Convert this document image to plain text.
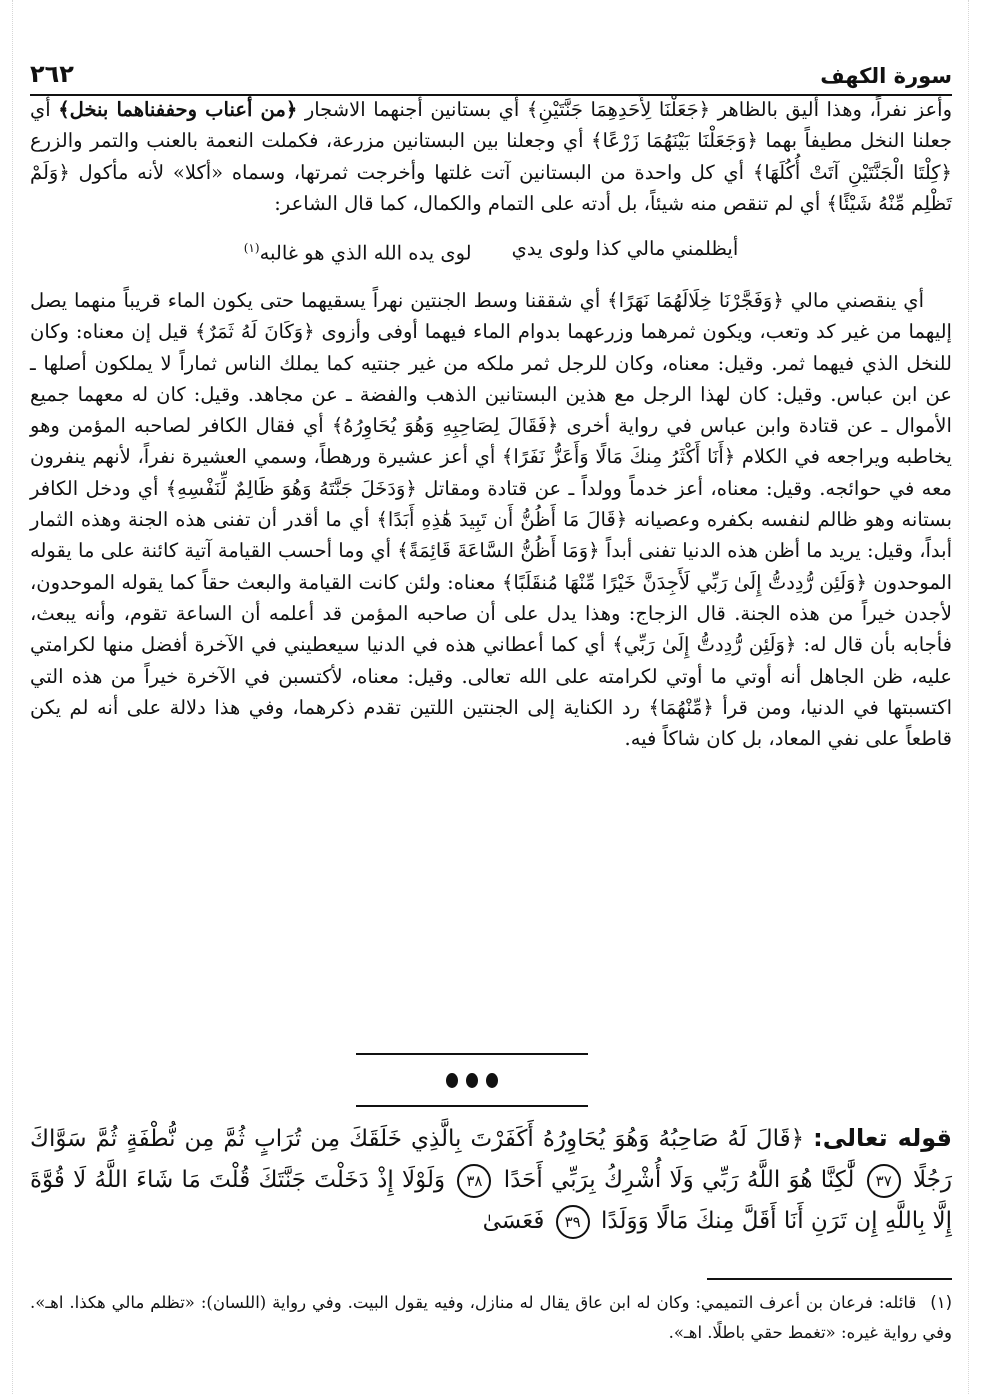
سورة الكهف
٢٦٢

وأعز نفراً، وهذا أليق بالظاهر ﴿جَعَلْنَا لِأَحَدِهِمَا جَنَّتَيْنِ﴾ أي بستانين أجنهما الاشجار ﴿من أعناب وحففناهما بنخل﴾ أي جعلنا النخل مطيفاً بهما ﴿وَجَعَلْنَا بَيْنَهُمَا زَرْعًا﴾ أي وجعلنا بين البستانين مزرعة، فكملت النعمة بالعنب والتمر والزرع ﴿كِلْتَا الْجَنَّتَيْنِ آتَتْ أُكُلَهَا﴾ أي كل واحدة من البستانين آتت غلتها وأخرجت ثمرتها، وسماه «أكلا» لأنه مأكول ﴿وَلَمْ تَظْلِم مِّنْهُ شَيْئًا﴾ أي لم تنقص منه شيئاً، بل أدته على التمام والكمال، كما قال الشاعر:

أيظلمني مالي كذا ولوى يدي
لوى يده الله الذي هو غالبه$^{(١)}$

أي ينقصني مالي ﴿وَفَجَّرْنَا خِلَالَهُمَا نَهَرًا﴾ أي شققنا وسط الجنتين نهراً يسقيهما حتى يكون الماء قريباً منهما يصل إليهما من غير كد وتعب، ويكون ثمرهما وزرعهما بدوام الماء فيهما أوفى وأزوى ﴿وَكَانَ لَهُ ثَمَرٌ﴾ قيل إن معناه: وكان للنخل الذي فيهما ثمر. وقيل: معناه، وكان للرجل ثمر ملكه من غير جنتيه كما يملك الناس ثماراً لا يملكون أصلها ـ عن ابن عباس. وقيل: كان لهذا الرجل مع هذين البستانين الذهب والفضة ـ عن مجاهد. وقيل: كان له معهما جميع الأموال ـ عن قتادة وابن عباس في رواية أخرى ﴿فَقَالَ لِصَاحِبِهِ وَهُوَ يُحَاوِرُهُ﴾ أي فقال الكافر لصاحبه المؤمن وهو يخاطبه ويراجعه في الكلام ﴿أَنَا أَكْثَرُ مِنكَ مَالًا وَأَعَزُّ نَفَرًا﴾ أي أعز عشيرة ورهطاً، وسمي العشيرة نفراً، لأنهم ينفرون معه في حوائجه. وقيل: معناه، أعز خدماً وولداً ـ عن قتادة ومقاتل ﴿وَدَخَلَ جَنَّتَهُ وَهُوَ ظَالِمٌ لِّنَفْسِهِ﴾ أي ودخل الكافر بستانه وهو ظالم لنفسه بكفره وعصيانه ﴿قَالَ مَا أَظُنُّ أَن تَبِيدَ هَٰذِهِ أَبَدًا﴾ أي ما أقدر أن تفنى هذه الجنة وهذه الثمار أبداً، وقيل: يريد ما أظن هذه الدنيا تفنى أبداً ﴿وَمَا أَظُنُّ السَّاعَةَ قَائِمَةً﴾ أي وما أحسب القيامة آتية كائنة على ما يقوله الموحدون ﴿وَلَئِن رُّدِدتُّ إِلَىٰ رَبِّي لَأَجِدَنَّ خَيْرًا مِّنْهَا مُنقَلَبًا﴾ معناه: ولئن كانت القيامة والبعث حقاً كما يقوله الموحدون، لأجدن خيراً من هذه الجنة. قال الزجاج: وهذا يدل على أن صاحبه المؤمن قد أعلمه أن الساعة تقوم، وأنه يبعث، فأجابه بأن قال له: ﴿وَلَئِن رُّدِدتُّ إِلَىٰ رَبِّي﴾ أي كما أعطاني هذه في الدنيا سيعطيني في الآخرة أفضل منها لكرامتي عليه، ظن الجاهل أنه أوتي ما أوتي لكرامته على الله تعالى. وقيل: معناه، لأكتسبن في الآخرة خيراً من هذه التي اكتسبتها في الدنيا، ومن قرأ ﴿مِّنْهُمَا﴾ رد الكناية إلى الجنتين اللتين تقدم ذكرهما، وفي هذا دلالة على أنه لم يكن قاطعاً على نفي المعاد، بل كان شاكاً فيه.

قوله تعالى: ﴿قَالَ لَهُ صَاحِبُهُ وَهُوَ يُحَاوِرُهُ أَكَفَرْتَ بِالَّذِي خَلَقَكَ مِن تُرَابٍ ثُمَّ مِن نُّطْفَةٍ ثُمَّ سَوَّاكَ رَجُلًا ٣٧ لَّٰكِنَّا هُوَ اللَّهُ رَبِّي وَلَا أُشْرِكُ بِرَبِّي أَحَدًا ٣٨ وَلَوْلَا إِذْ دَخَلْتَ جَنَّتَكَ قُلْتَ مَا شَاءَ اللَّهُ لَا قُوَّةَ إِلَّا بِاللَّهِ إِن تَرَنِ أَنَا أَقَلَّ مِنكَ مَالًا وَوَلَدًا ٣٩ فَعَسَىٰ
(١)قائله: فرعان بن أعرف التميمي: وكان له ابن عاق يقال له منازل، وفيه يقول البيت. وفي رواية (اللسان): «تظلم مالي هكذا. اهـ». وفي رواية غيره: «تغمط حقي باطلًا. اهـ».
